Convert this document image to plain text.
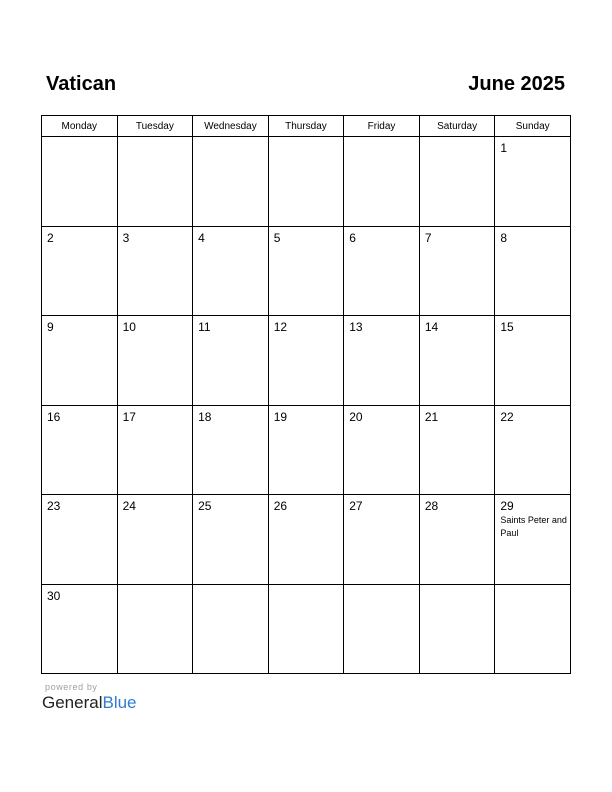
Vatican	June 2025
Monday	Tuesday	Wednesday	Thursday	Friday	Saturday	Sunday

						1

2	3	4	5	6	7	8

9	10	11	12	13	14	15

16	17	18	19	20	21	22

23	24	25	26	27	28	29
Saints Peter and Paul

30						

powered by
GeneralBlue
